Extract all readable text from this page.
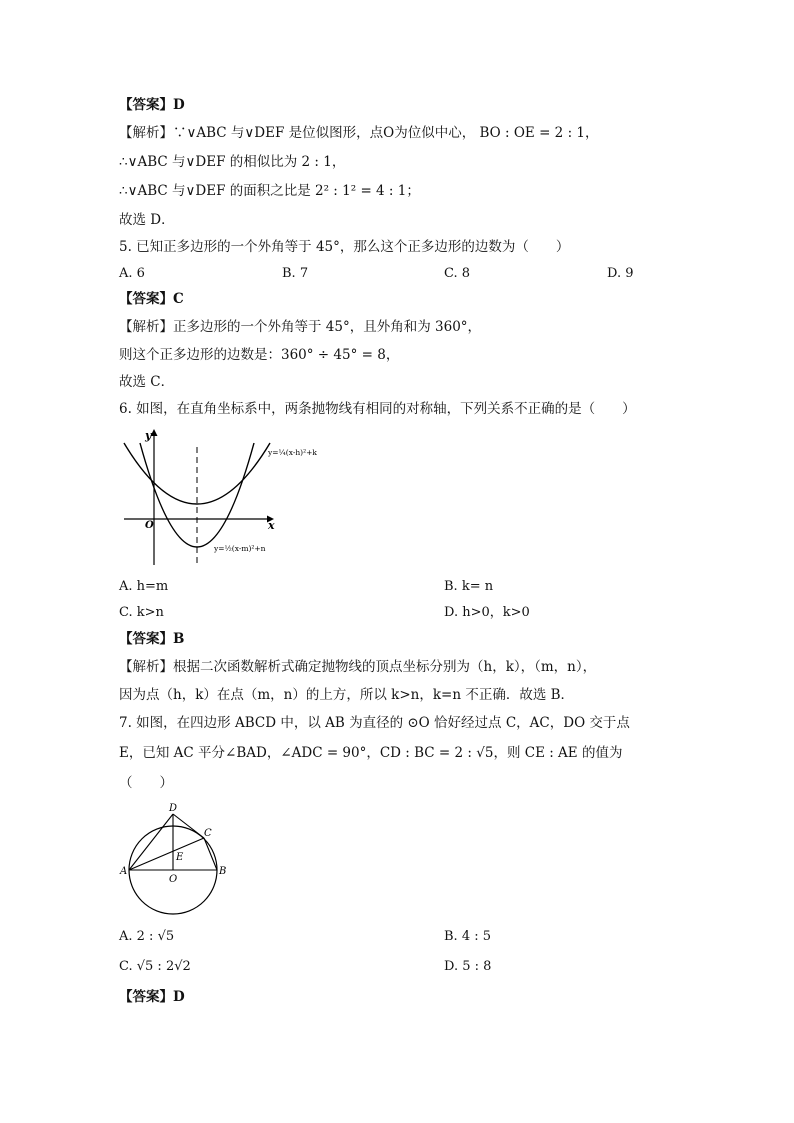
【答案】D
【解析】∵∨ABC 与∨DEF 是位似图形，点O为位似中心， BO : OE = 2 : 1，
∴∨ABC 与∨DEF 的相似比为 2 : 1，
∴∨ABC 与∨DEF 的面积之比是 2² : 1² = 4 : 1；
故选 D．
5. 已知正多边形的一个外角等于 45°，那么这个正多边形的边数为（　　）
A. 6	B. 7	C. 8	D. 9
【答案】C
【解析】正多边形的一个外角等于 45°，且外角和为 360°，
则这个正多边形的边数是：360° ÷ 45° = 8，
故选 C．
6. 如图，在直角坐标系中，两条抛物线有相同的对称轴，下列关系不正确的是（　　）
y
x
O
y=¼(x-h)²+k
y=½(x-m)²+n
A. h=m	B. k= n
C. k>n	D. h>0，k>0
【答案】B
【解析】根据二次函数解析式确定抛物线的顶点坐标分别为（h，k），（m，n），
因为点（h，k）在点（m，n）的上方，所以 k>n，k=n 不正确．故选 B．
7. 如图，在四边形 ABCD 中，以 AB 为直径的 ⊙O 恰好经过点 C，AC，DO 交于点
E，已知 AC 平分∠BAD，∠ADC = 90°，CD : BC = 2 : √5，则 CE : AE 的值为
（　　）
D
C
E
A
O
B
A. 2 : √5	B. 4 : 5
C. √5 : 2√2	D. 5 : 8
【答案】D
